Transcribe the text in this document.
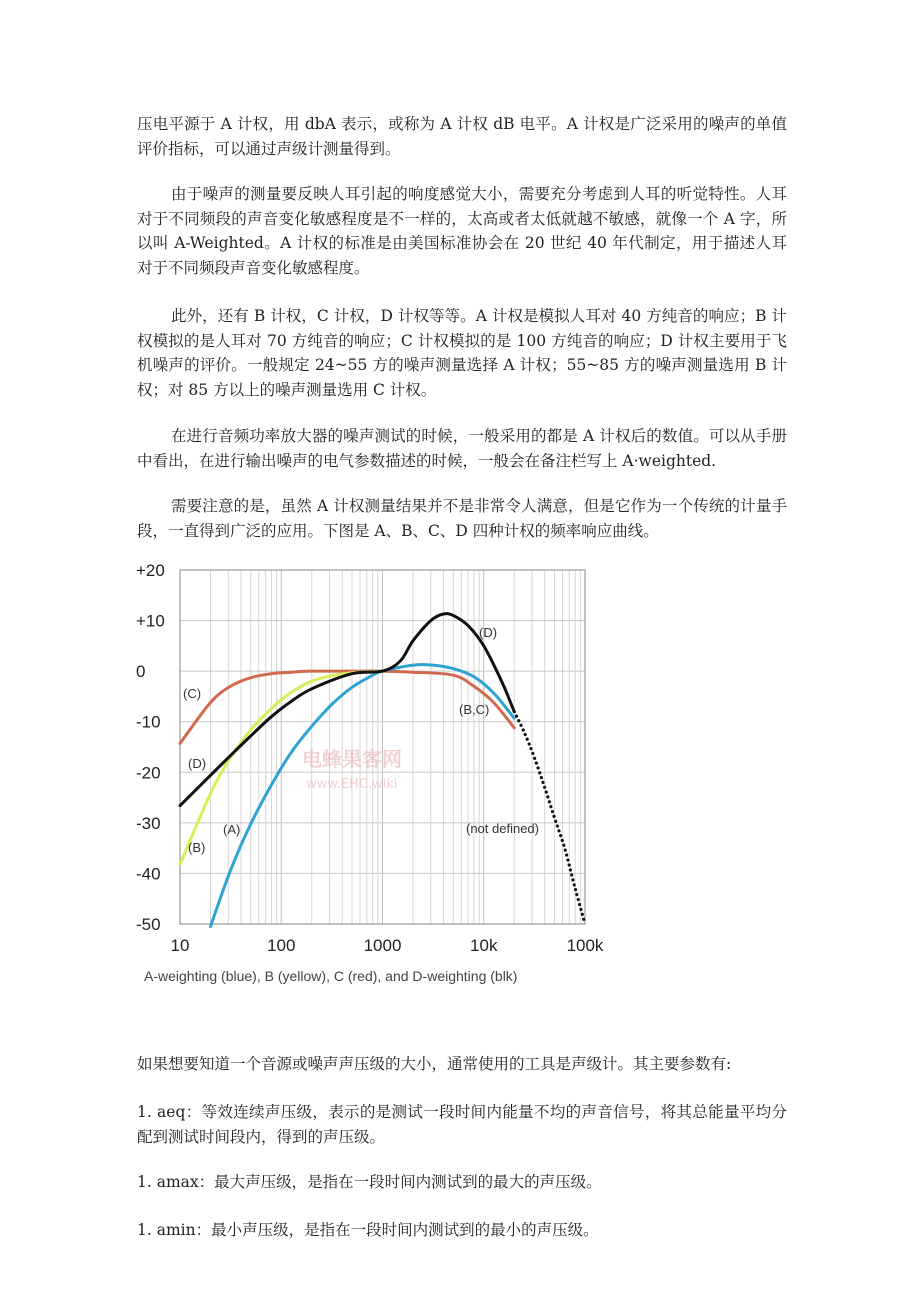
压电平源于 A 计权，用 dbA 表示，或称为 A 计权 dB 电平。A 计权是广泛采用的噪声的单值评价指标，可以通过声级计测量得到。

由于噪声的测量要反映人耳引起的响度感觉大小，需要充分考虑到人耳的听觉特性。人耳对于不同频段的声音变化敏感程度是不一样的，太高或者太低就越不敏感，就像一个 A 字，所以叫 A-Weighted。A 计权的标准是由美国标准协会在 20 世纪 40 年代制定，用于描述人耳对于不同频段声音变化敏感程度。

此外，还有 B 计权，C 计权，D 计权等等。A 计权是模拟人耳对 40 方纯音的响应；B 计权模拟的是人耳对 70 方纯音的响应；C 计权模拟的是 100 方纯音的响应；D 计权主要用于飞机噪声的评价。一般规定 24~55 方的噪声测量选择 A 计权；55~85 方的噪声测量选用 B 计权；对 85 方以上的噪声测量选用 C 计权。

在进行音频功率放大器的噪声测试的时候，一般采用的都是 A 计权后的数值。可以从手册中看出，在进行输出噪声的电气参数描述的时候，一般会在备注栏写上 A·weighted.

需要注意的是，虽然 A 计权测量结果并不是非常令人满意，但是它作为一个传统的计量手段，一直得到广泛的应用。下图是 A、B、C、D 四种计权的频率响应曲线。

+20
+10
0
-10
-20
-30
-40
-50
10	100	1000	10k	100k
电蜂果客网
www.EHC.wiki
(C)
(D)
(A)
(B)
(D)
(B,C)
(not defined)
A-weighting (blue), B (yellow), C (red), and D-weighting (blk)

如果想要知道一个音源或噪声声压级的大小，通常使用的工具是声级计。其主要参数有:

1. aeq：等效连续声压级，表示的是测试一段时间内能量不均的声音信号，将其总能量平均分配到测试时间段内，得到的声压级。

1. amax：最大声压级，是指在一段时间内测试到的最大的声压级。

1. amin：最小声压级，是指在一段时间内测试到的最小的声压级。
